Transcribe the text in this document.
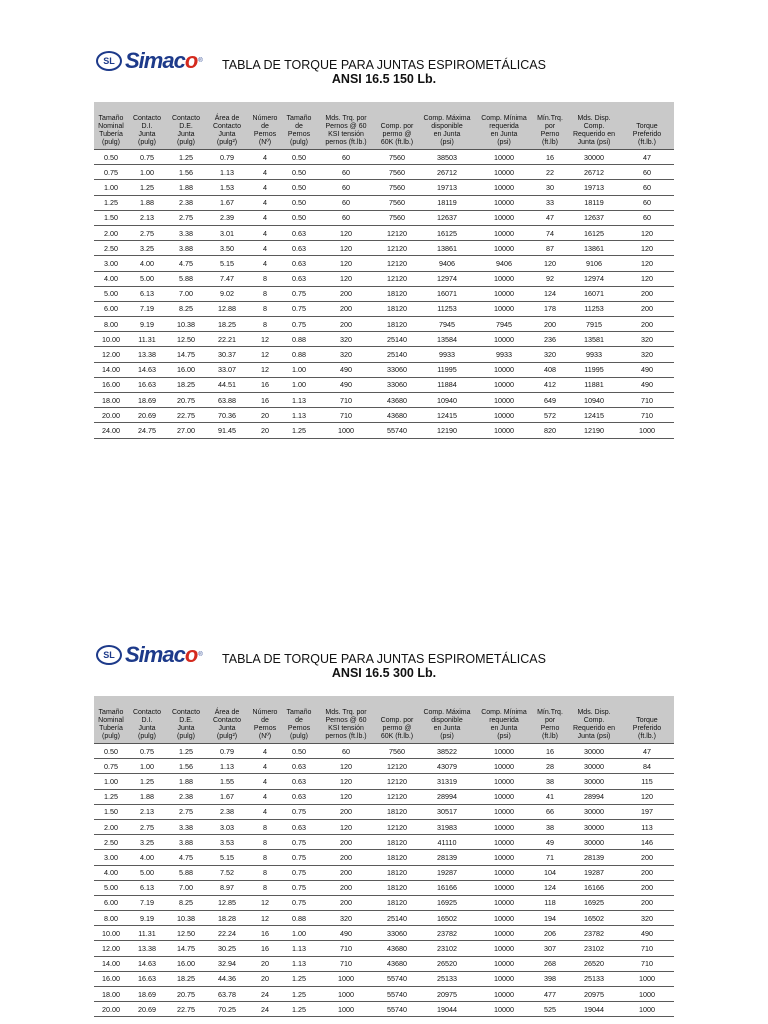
SL Simaco ®	TABLA DE TORQUE PARA JUNTAS ESPIROMETÁLICAS
ANSI 16.5 150 Lb.
Tamaño
Nominal
Tubería
(pulg)	Contacto
D.I.
Junta
(pulg)	Contacto
D.E.
Junta
(pulg)	Área de
Contacto
Junta
(pulg²)	Número
de
Pernos
(Nº)	Tamaño
de
Pernos
(pulg)	Mds. Trq. por
Pernos @ 60
KSI tensión
pernos (ft.lb.)	Comp. por
permo @
60K (ft.lb.)	Comp. Máxima
disponible
en Junta
(psi)	Comp. Mínima
requerida
en Junta
(psi)	Mín.Trq.
por
Perno
(ft.lb)	Mds. Disp.
Comp.
Requerido en
Junta (psi)	Torque
Preferido
(ft.lb.)
0.50	0.75	1.25	0.79	4	0.50	60	7560	38503	10000	16	30000	47
0.75	1.00	1.56	1.13	4	0.50	60	7560	26712	10000	22	26712	60
1.00	1.25	1.88	1.53	4	0.50	60	7560	19713	10000	30	19713	60
1.25	1.88	2.38	1.67	4	0.50	60	7560	18119	10000	33	18119	60
1.50	2.13	2.75	2.39	4	0.50	60	7560	12637	10000	47	12637	60
2.00	2.75	3.38	3.01	4	0.63	120	12120	16125	10000	74	16125	120
2.50	3.25	3.88	3.50	4	0.63	120	12120	13861	10000	87	13861	120
3.00	4.00	4.75	5.15	4	0.63	120	12120	9406	9406	120	9106	120
4.00	5.00	5.88	7.47	8	0.63	120	12120	12974	10000	92	12974	120
5.00	6.13	7.00	9.02	8	0.75	200	18120	16071	10000	124	16071	200
6.00	7.19	8.25	12.88	8	0.75	200	18120	11253	10000	178	11253	200
8.00	9.19	10.38	18.25	8	0.75	200	18120	7945	7945	200	7915	200
10.00	11.31	12.50	22.21	12	0.88	320	25140	13584	10000	236	13581	320
12.00	13.38	14.75	30.37	12	0.88	320	25140	9933	9933	320	9933	320
14.00	14.63	16.00	33.07	12	1.00	490	33060	11995	10000	408	11995	490
16.00	16.63	18.25	44.51	16	1.00	490	33060	11884	10000	412	11881	490
18.00	18.69	20.75	63.88	16	1.13	710	43680	10940	10000	649	10940	710
20.00	20.69	22.75	70.36	20	1.13	710	43680	12415	10000	572	12415	710
24.00	24.75	27.00	91.45	20	1.25	1000	55740	12190	10000	820	12190	1000
SL Simaco ®	TABLA DE TORQUE PARA JUNTAS ESPIROMETÁLICAS
ANSI 16.5 300 Lb.
Tamaño
Nominal
Tubería
(pulg)	Contacto
D.I.
Junta
(pulg)	Contacto
D.E.
Junta
(pulg)	Área de
Contacto
Junta
(pulg²)	Número
de
Pernos
(Nº)	Tamaño
de
Pernos
(pulg)	Mds. Trq. por
Pernos @ 60
KSI tensión
pernos (ft.lb.)	Comp. por
permo @
60K (ft.lb.)	Comp. Máxima
disponible
en Junta
(psi)	Comp. Mínima
requerida
en Junta
(psi)	Mín.Trq.
por
Perno
(ft.lb)	Mds. Disp.
Comp.
Requerido en
Junta (psi)	Torque
Preferido
(ft.lb.)
0.50	0.75	1.25	0.79	4	0.50	60	7560	38522	10000	16	30000	47
0.75	1.00	1.56	1.13	4	0.63	120	12120	43079	10000	28	30000	84
1.00	1.25	1.88	1.55	4	0.63	120	12120	31319	10000	38	30000	115
1.25	1.88	2.38	1.67	4	0.63	120	12120	28994	10000	41	28994	120
1.50	2.13	2.75	2.38	4	0.75	200	18120	30517	10000	66	30000	197
2.00	2.75	3.38	3.03	8	0.63	120	12120	31983	10000	38	30000	113
2.50	3.25	3.88	3.53	8	0.75	200	18120	41110	10000	49	30000	146
3.00	4.00	4.75	5.15	8	0.75	200	18120	28139	10000	71	28139	200
4.00	5.00	5.88	7.52	8	0.75	200	18120	19287	10000	104	19287	200
5.00	6.13	7.00	8.97	8	0.75	200	18120	16166	10000	124	16166	200
6.00	7.19	8.25	12.85	12	0.75	200	18120	16925	10000	118	16925	200
8.00	9.19	10.38	18.28	12	0.88	320	25140	16502	10000	194	16502	320
10.00	11.31	12.50	22.24	16	1.00	490	33060	23782	10000	206	23782	490
12.00	13.38	14.75	30.25	16	1.13	710	43680	23102	10000	307	23102	710
14.00	14.63	16.00	32.94	20	1.13	710	43680	26520	10000	268	26520	710
16.00	16.63	18.25	44.36	20	1.25	1000	55740	25133	10000	398	25133	1000
18.00	18.69	20.75	63.78	24	1.25	1000	55740	20975	10000	477	20975	1000
20.00	20.69	22.75	70.25	24	1.25	1000	55740	19044	10000	525	19044	1000
